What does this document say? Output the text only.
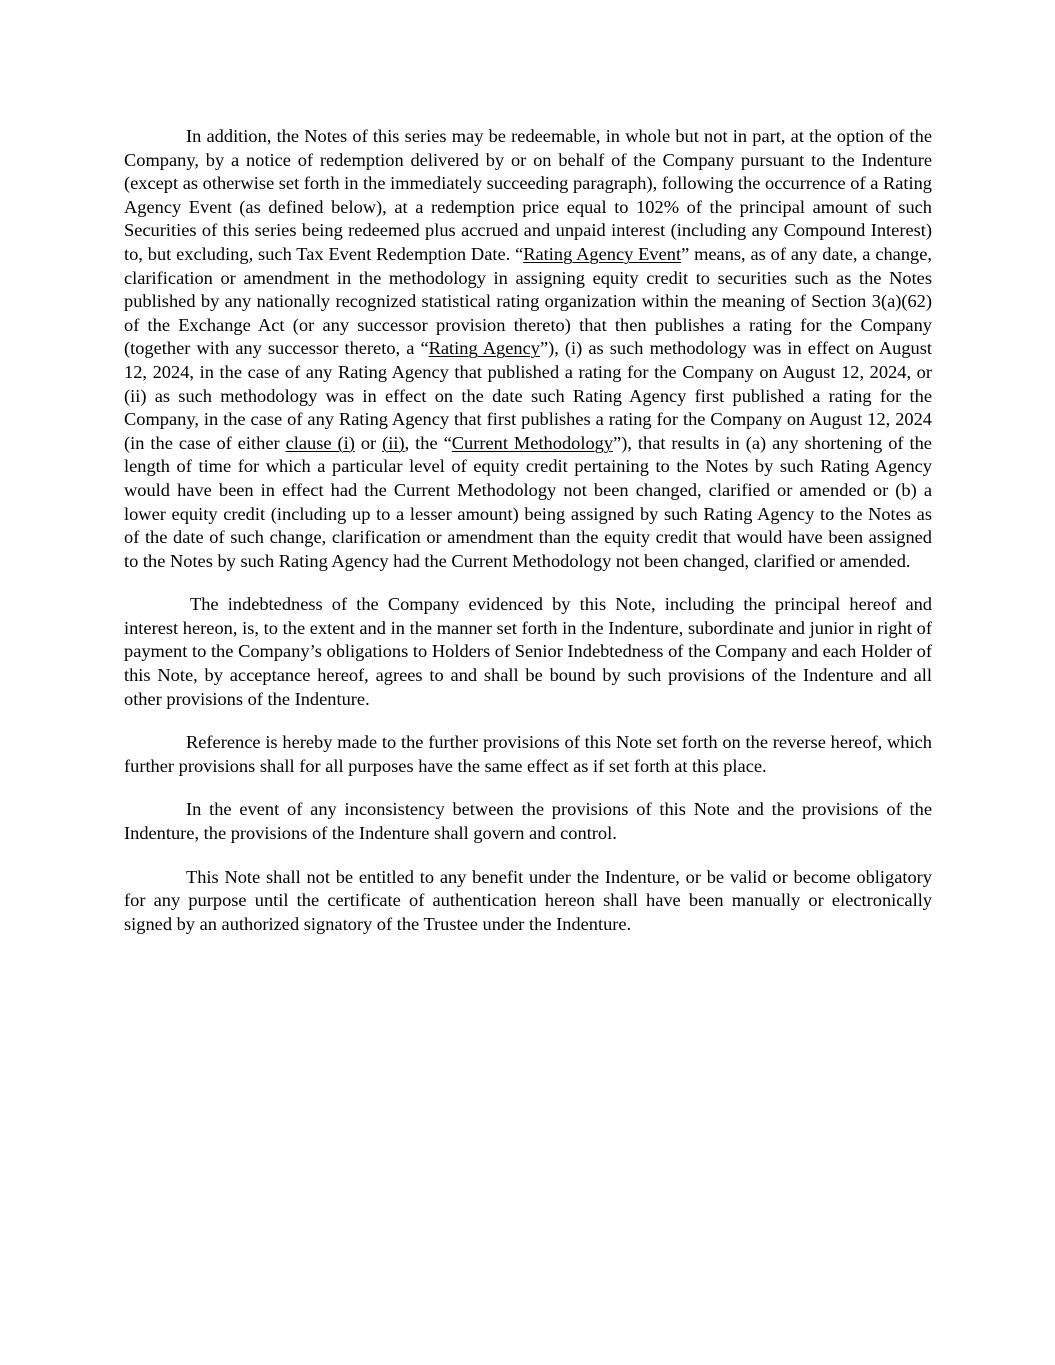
In addition, the Notes of this series may be redeemable, in whole but not in part, at the option of the Company, by a notice of redemption delivered by or on behalf of the Company pursuant to the Indenture (except as otherwise set forth in the immediately succeeding paragraph), following the occurrence of a Rating Agency Event (as defined below), at a redemption price equal to 102% of the principal amount of such Securities of this series being redeemed plus accrued and unpaid interest (including any Compound Interest) to, but excluding, such Tax Event Redemption Date. “Rating Agency Event” means, as of any date, a change, clarification or amendment in the methodology in assigning equity credit to securities such as the Notes published by any nationally recognized statistical rating organization within the meaning of Section 3(a)(62) of the Exchange Act (or any successor provision thereto) that then publishes a rating for the Company (together with any successor thereto, a “Rating Agency”), (i) as such methodology was in effect on August 12, 2024, in the case of any Rating Agency that published a rating for the Company on August 12, 2024, or (ii) as such methodology was in effect on the date such Rating Agency first published a rating for the Company, in the case of any Rating Agency that first publishes a rating for the Company on August 12, 2024 (in the case of either clause (i) or (ii), the “Current Methodology”), that results in (a) any shortening of the length of time for which a particular level of equity credit pertaining to the Notes by such Rating Agency would have been in effect had the Current Methodology not been changed, clarified or amended or (b) a lower equity credit (including up to a lesser amount) being assigned by such Rating Agency to the Notes as of the date of such change, clarification or amendment than the equity credit that would have been assigned to the Notes by such Rating Agency had the Current Methodology not been changed, clarified or amended.

The indebtedness of the Company evidenced by this Note, including the principal hereof and interest hereon, is, to the extent and in the manner set forth in the Indenture, subordinate and junior in right of payment to the Company’s obligations to Holders of Senior Indebtedness of the Company and each Holder of this Note, by acceptance hereof, agrees to and shall be bound by such provisions of the Indenture and all other provisions of the Indenture.

Reference is hereby made to the further provisions of this Note set forth on the reverse hereof, which further provisions shall for all purposes have the same effect as if set forth at this place.

In the event of any inconsistency between the provisions of this Note and the provisions of the Indenture, the provisions of the Indenture shall govern and control.

This Note shall not be entitled to any benefit under the Indenture, or be valid or become obligatory for any purpose until the certificate of authentication hereon shall have been manually or electronically signed by an authorized signatory of the Trustee under the Indenture.
